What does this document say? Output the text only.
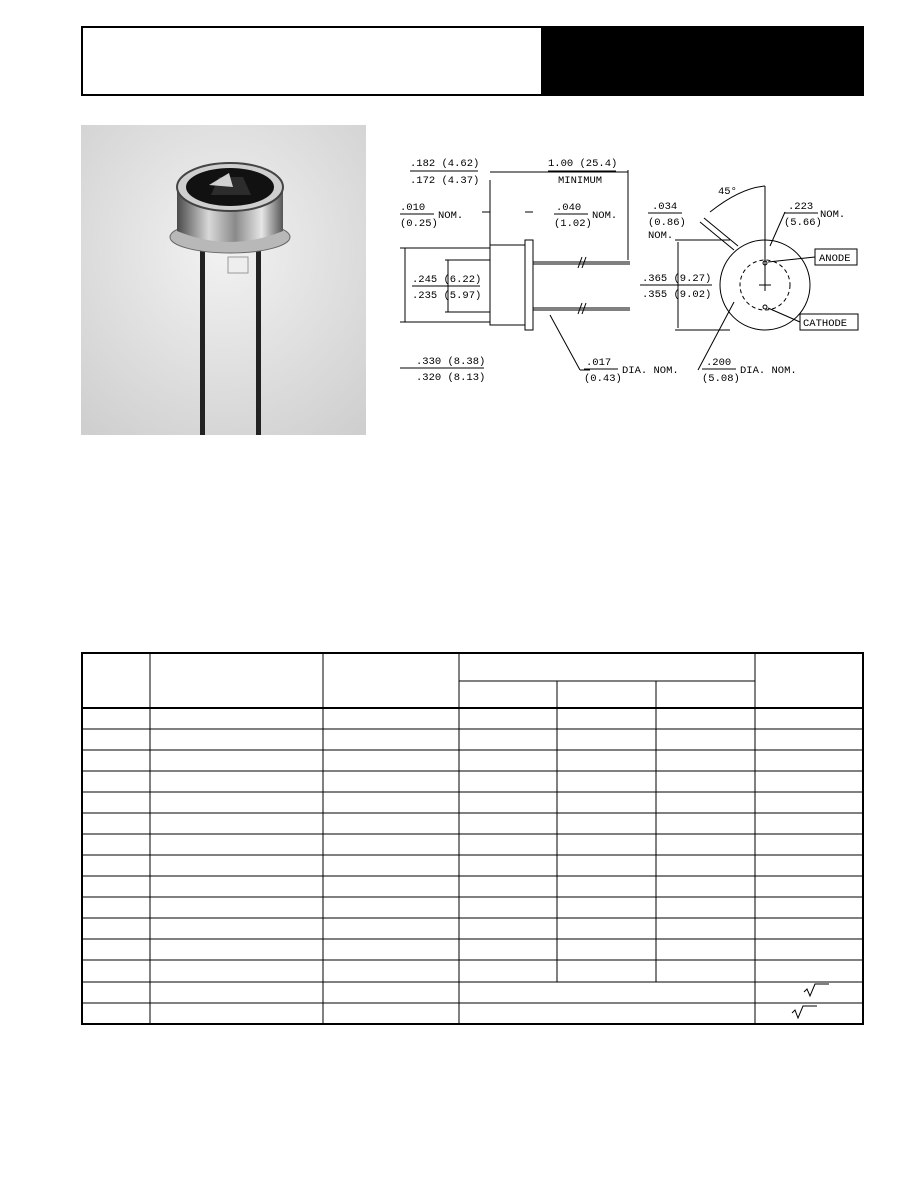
.182 (4.62)
.172 (4.37)
1.00 (25.4)
MINIMUM
.010
(0.25)
NOM.
.040
(1.02)
NOM.
.245 (6.22)
.235 (5.97)
.330 (8.38)
.320 (8.13)
.017
(0.43)
DIA. NOM.
.034
(0.86)
NOM.
45°
.223
(5.66)
NOM.
.365 (9.27)
.355 (9.02)
.200
(5.08)
DIA. NOM.
ANODE
CATHODE
